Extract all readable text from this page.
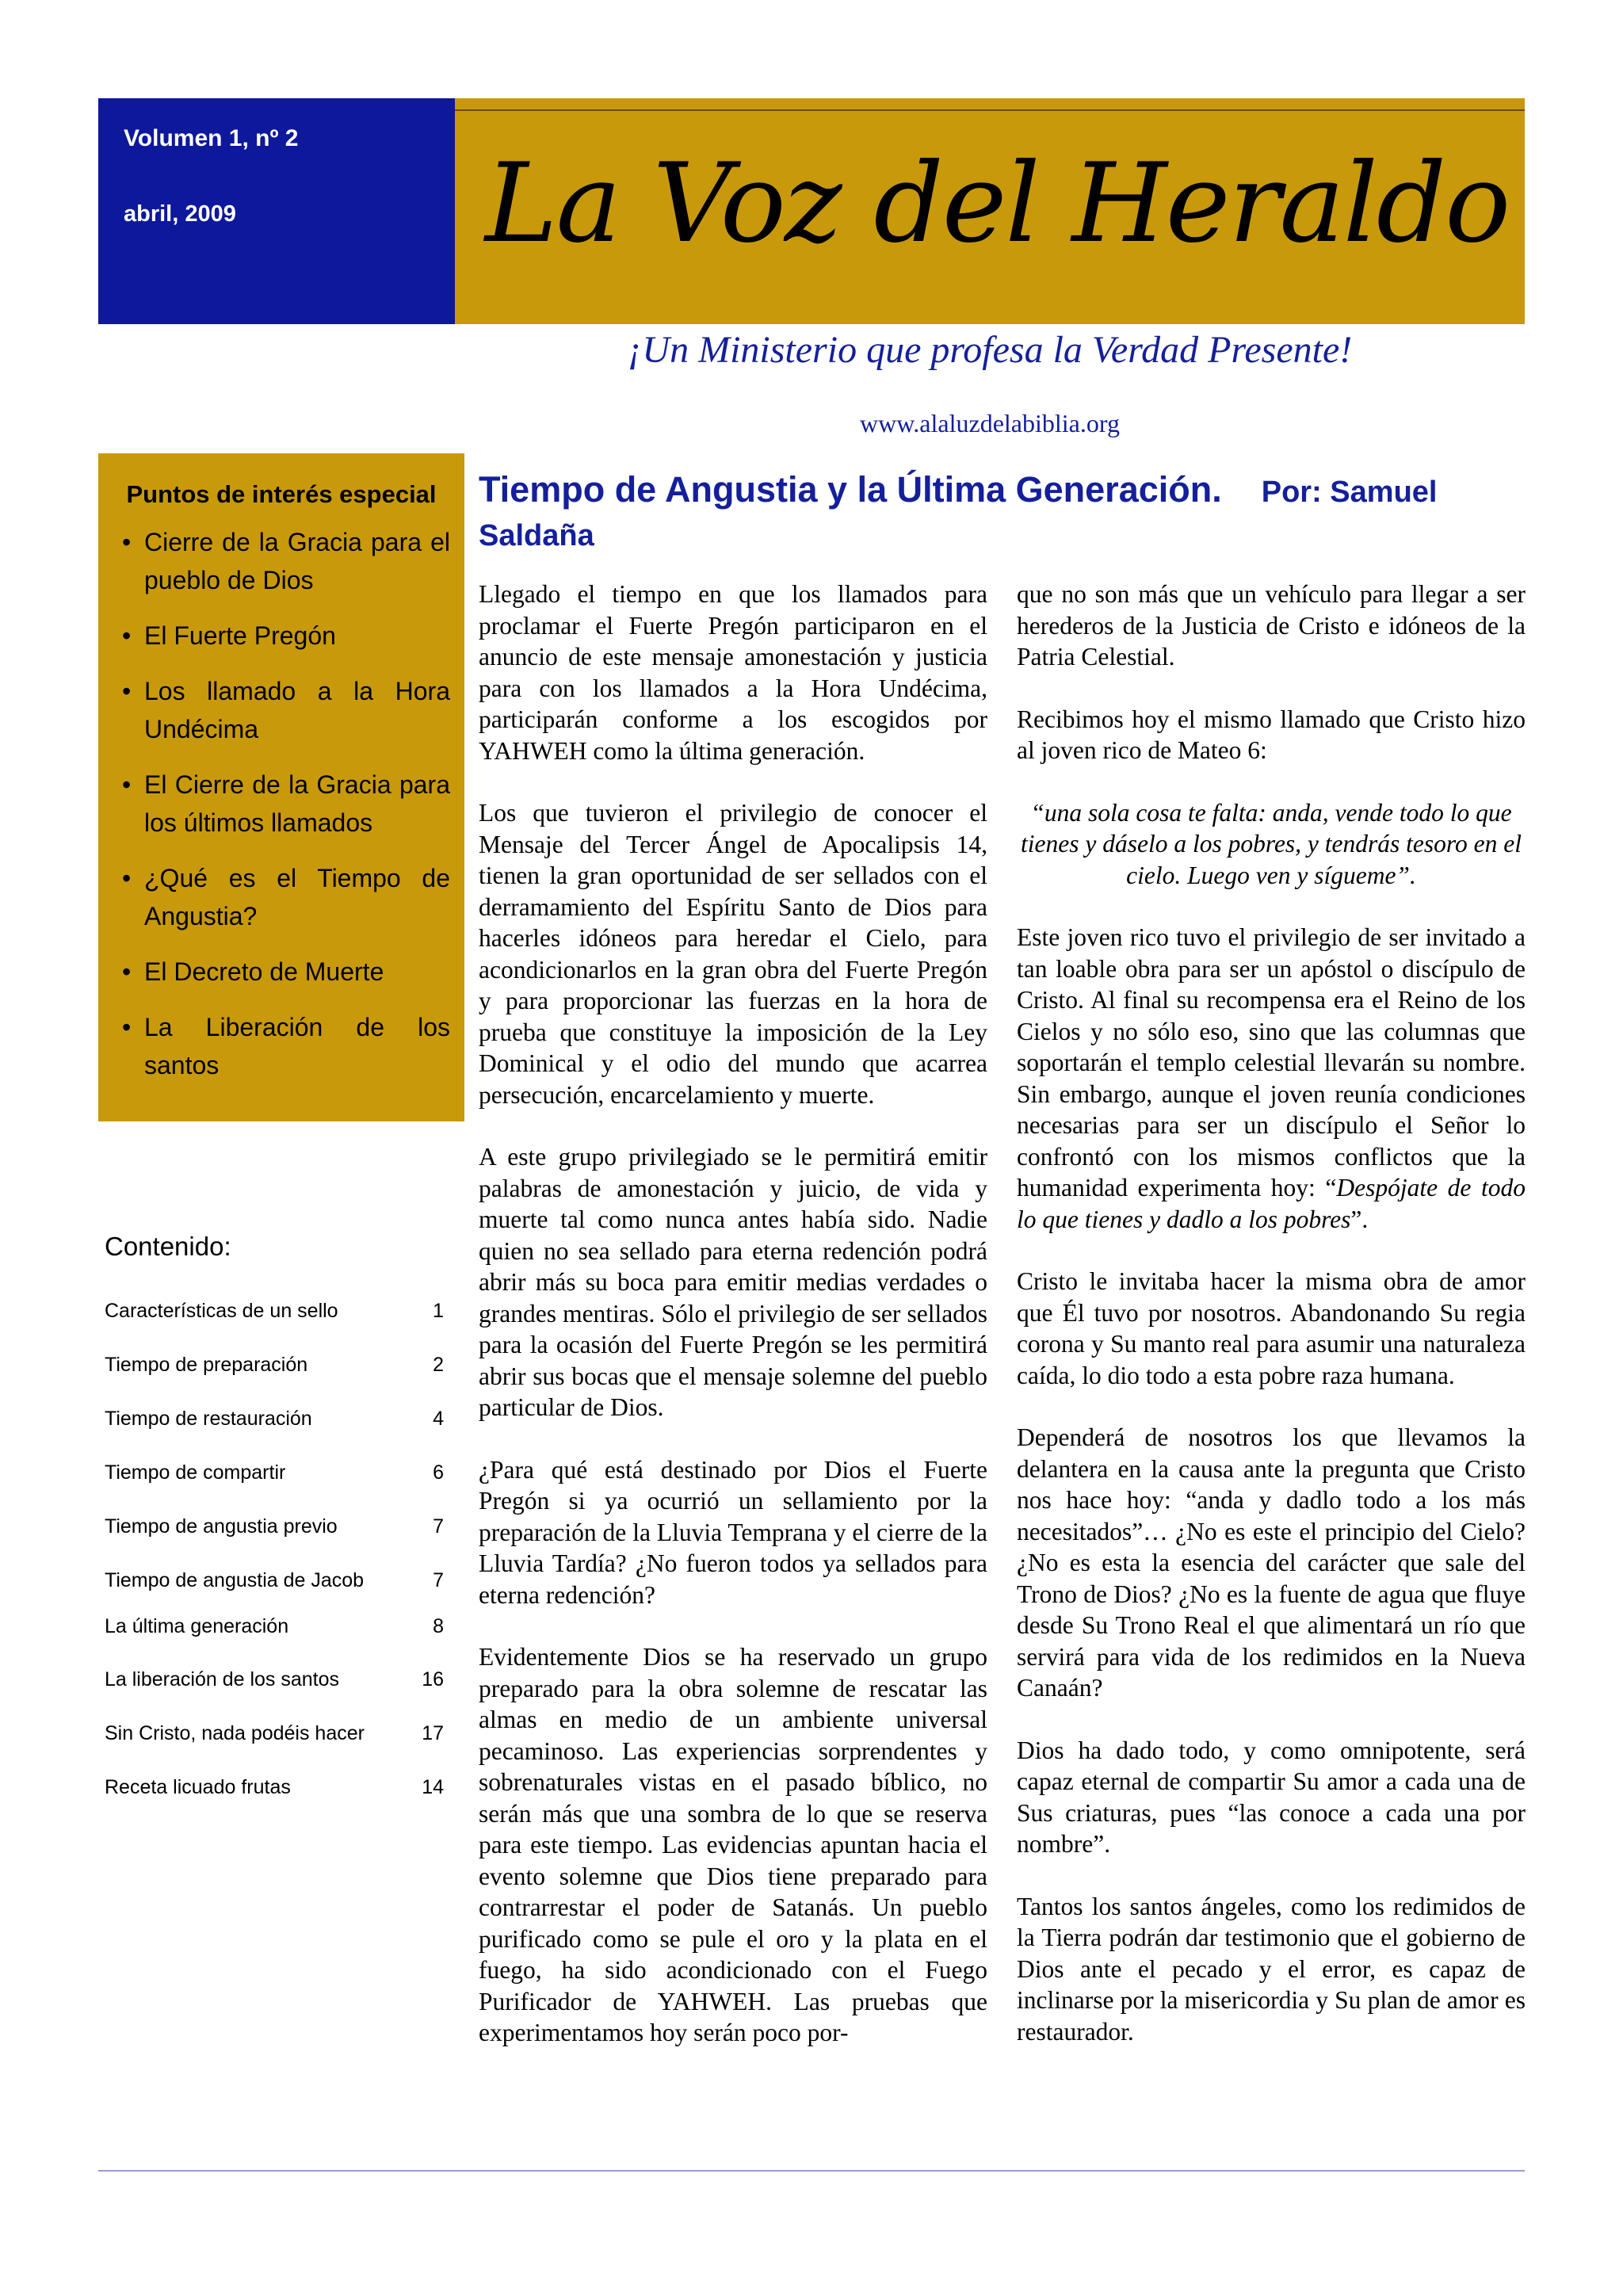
Volumen 1, nº 2
abril, 2009 La Voz del Heraldo
¡Un Ministerio que profesa la Verdad Presente!
www.alaluzdelabiblia.org
Puntos de interés especial
• Cierre de la Gracia para el pueblo de Dios
• El Fuerte Pregón
• Los llamado a la Hora Undécima
• El Cierre de la Gracia para los últimos llamados
• ¿Qué es el Tiempo de Angustia?
• El Decreto de Muerte
• La Liberación de los santos
Contenido:
Características de un sello	1
Tiempo de preparación	2
Tiempo de restauración	4
Tiempo de compartir	6
Tiempo de angustia previo	7
Tiempo de angustia de Jacob	7
La última generación	8
La liberación de los santos	16
Sin Cristo, nada podéis hacer	17
Receta licuado frutas	14
Tiempo de Angustia y la Última Generación. Por: Samuel Saldaña

Llegado el tiempo en que los llamados para proclamar el Fuerte Pregón participaron en el anuncio de este mensaje amonestación y justicia para con los llamados a la Hora Undécima, participarán conforme a los escogidos por YAHWEH como la última generación.

Los que tuvieron el privilegio de conocer el Mensaje del Tercer Ángel de Apocalipsis 14, tienen la gran oportunidad de ser sellados con el derramamiento del Espíritu Santo de Dios para hacerles idóneos para heredar el Cielo, para acondicionarlos en la gran obra del Fuerte Pregón y para proporcionar las fuerzas en la hora de prueba que constituye la imposición de la Ley Dominical y el odio del mundo que acarrea persecución, encarcelamiento y muerte.

A este grupo privilegiado se le permitirá emitir palabras de amonestación y juicio, de vida y muerte tal como nunca antes había sido. Nadie quien no sea sellado para eterna redención podrá abrir más su boca para emitir medias verdades o grandes mentiras. Sólo el privilegio de ser sellados para la ocasión del Fuerte Pregón se les permitirá abrir sus bocas que el mensaje solemne del pueblo particular de Dios.

¿Para qué está destinado por Dios el Fuerte Pregón si ya ocurrió un sellamiento por la preparación de la Lluvia Temprana y el cierre de la Lluvia Tardía? ¿No fueron todos ya sellados para eterna redención?

Evidentemente Dios se ha reservado un grupo preparado para la obra solemne de rescatar las almas en medio de un ambiente universal pecaminoso. Las experiencias sorprendentes y sobrenaturales vistas en el pasado bíblico, no serán más que una sombra de lo que se reserva para este tiempo. Las evidencias apuntan hacia el evento solemne que Dios tiene preparado para contrarrestar el poder de Satanás. Un pueblo purificado como se pule el oro y la plata en el fuego, ha sido acondicionado con el Fuego Purificador de YAHWEH. Las pruebas que experimentamos hoy serán poco por-

que no son más que un vehículo para llegar a ser herederos de la Justicia de Cristo e idóneos de la Patria Celestial.

Recibimos hoy el mismo llamado que Cristo hizo al joven rico de Mateo 6:

“una sola cosa te falta: anda, vende todo lo que tienes y dáselo a los pobres, y tendrás tesoro en el cielo. Luego ven y sígueme”.

Este joven rico tuvo el privilegio de ser invitado a tan loable obra para ser un apóstol o discípulo de Cristo. Al final su recompensa era el Reino de los Cielos y no sólo eso, sino que las columnas que soportarán el templo celestial llevarán su nombre. Sin embargo, aunque el joven reunía condiciones necesarias para ser un discípulo el Señor lo confrontó con los mismos conflictos que la humanidad experimenta hoy: “Despójate de todo lo que tienes y dadlo a los pobres”.

Cristo le invitaba hacer la misma obra de amor que Él tuvo por nosotros. Abandonando Su regia corona y Su manto real para asumir una naturaleza caída, lo dio todo a esta pobre raza humana.

Dependerá de nosotros los que llevamos la delantera en la causa ante la pregunta que Cristo nos hace hoy: “anda y dadlo todo a los más necesitados”… ¿No es este el principio del Cielo? ¿No es esta la esencia del carácter que sale del Trono de Dios? ¿No es la fuente de agua que fluye desde Su Trono Real el que alimentará un río que servirá para vida de los redimidos en la Nueva Canaán?

Dios ha dado todo, y como omnipotente, será capaz eternal de compartir Su amor a cada una de Sus criaturas, pues “las conoce a cada una por nombre”.

Tantos los santos ángeles, como los redimidos de la Tierra podrán dar testimonio que el gobierno de Dios ante el pecado y el error, es capaz de inclinarse por la misericordia y Su plan de amor es restaurador.
